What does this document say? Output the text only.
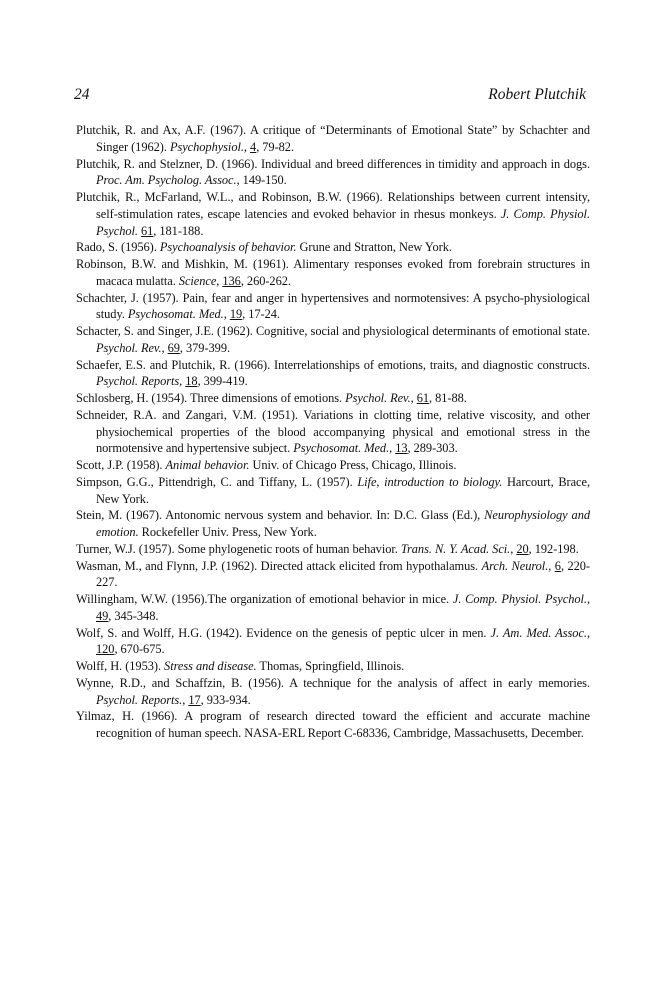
24	Robert Plutchik

Plutchik, R. and Ax, A.F. (1967). A critique of “Determinants of Emotional State” by Schachter and Singer (1962). Psychophysiol., 4, 79-82.

Plutchik, R. and Stelzner, D. (1966). Individual and breed differences in timidity and approach in dogs. Proc. Am. Psycholog. Assoc., 149-150.

Plutchik, R., McFarland, W.L., and Robinson, B.W. (1966). Relationships between current intensity, self-stimulation rates, escape latencies and evoked behavior in rhesus monkeys. J. Comp. Physiol. Psychol. 61, 181-188.

Rado, S. (1956). Psychoanalysis of behavior. Grune and Stratton, New York.

Robinson, B.W. and Mishkin, M. (1961). Alimentary responses evoked from forebrain structures in macaca mulatta. Science, 136, 260-262.

Schachter, J. (1957). Pain, fear and anger in hypertensives and normotensives: A psycho-physiological study. Psychosomat. Med., 19, 17-24.

Schacter, S. and Singer, J.E. (1962). Cognitive, social and physiological determinants of emotional state. Psychol. Rev., 69, 379-399.

Schaefer, E.S. and Plutchik, R. (1966). Interrelationships of emotions, traits, and diagnostic constructs. Psychol. Reports, 18, 399-419.

Schlosberg, H. (1954). Three dimensions of emotions. Psychol. Rev., 61, 81-88.

Schneider, R.A. and Zangari, V.M. (1951). Variations in clotting time, relative viscosity, and other physiochemical properties of the blood accompanying physical and emotional stress in the normotensive and hypertensive subject. Psychosomat. Med., 13, 289-303.

Scott, J.P. (1958). Animal behavior. Univ. of Chicago Press, Chicago, Illinois.

Simpson, G.G., Pittendrigh, C. and Tiffany, L. (1957). Life, introduction to biology. Harcourt, Brace, New York.

Stein, M. (1967). Antonomic nervous system and behavior. In: D.C. Glass (Ed.), Neurophysiology and emotion. Rockefeller Univ. Press, New York.

Turner, W.J. (1957). Some phylogenetic roots of human behavior. Trans. N. Y. Acad. Sci., 20, 192-198.

Wasman, M., and Flynn, J.P. (1962). Directed attack elicited from hypothalamus. Arch. Neurol., 6, 220-227.

Willingham, W.W. (1956).The organization of emotional behavior in mice. J. Comp. Physiol. Psychol., 49, 345-348.

Wolf, S. and Wolff, H.G. (1942). Evidence on the genesis of peptic ulcer in men. J. Am. Med. Assoc., 120, 670-675.

Wolff, H. (1953). Stress and disease. Thomas, Springfield, Illinois.

Wynne, R.D., and Schaffzin, B. (1956). A technique for the analysis of affect in early memories. Psychol. Reports., 17, 933-934.

Yilmaz, H. (1966). A program of research directed toward the efficient and accurate machine recognition of human speech. NASA-ERL Report C-68336, Cambridge, Massachusetts, December.
